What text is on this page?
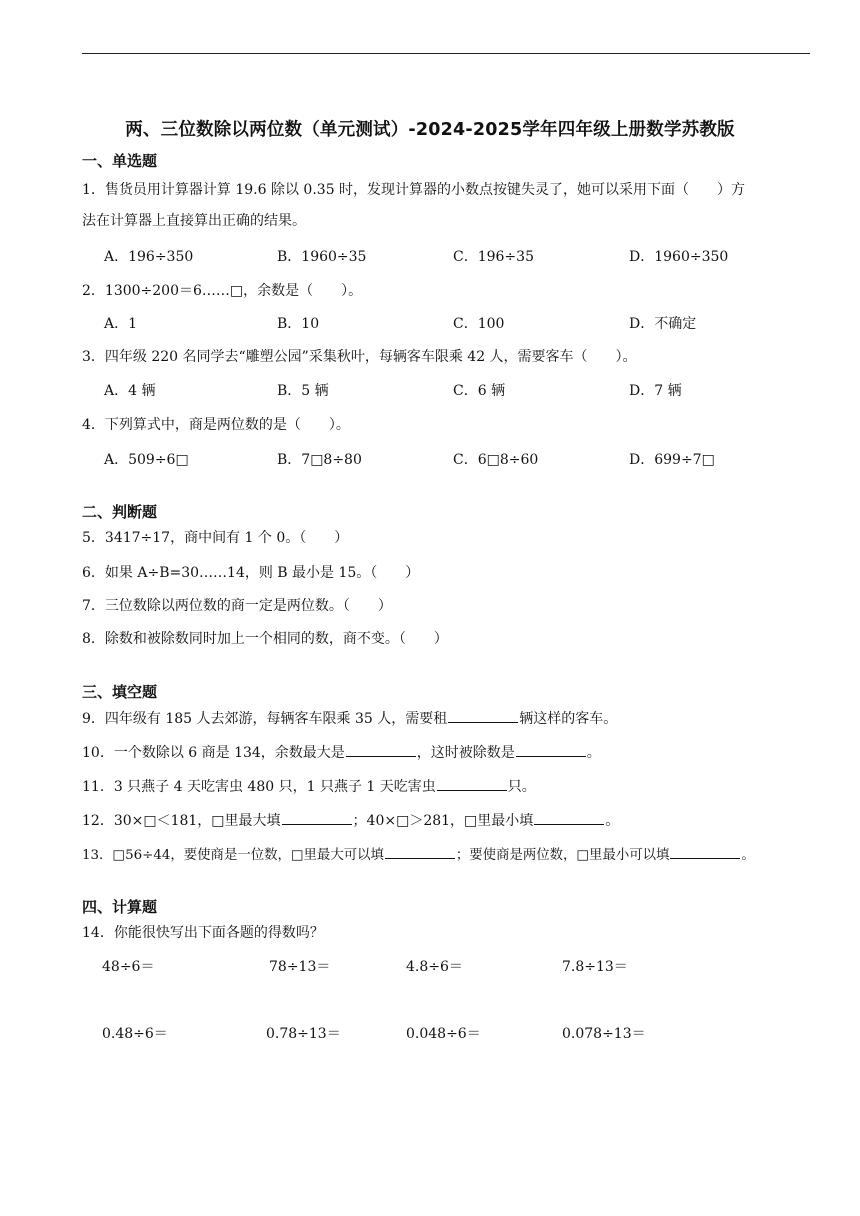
两、三位数除以两位数（单元测试）-2024-2025学年四年级上册数学苏教版
一、单选题
1．售货员用计算器计算 19.6 除以 0.35 时，发现计算器的小数点按键失灵了，她可以采用下面（　　）方
法在计算器上直接算出正确的结果。
A．196÷350	B．1960÷35	C．196÷35	D．1960÷350
2．1300÷200＝6……□，余数是（　　）。
A．1	B．10	C．100	D．不确定
3．四年级 220 名同学去“雕塑公园”采集秋叶，每辆客车限乘 42 人，需要客车（　　）。
A．4 辆	B．5 辆	C．6 辆	D．7 辆
4．下列算式中，商是两位数的是（　　）。
A．509÷6□	B．7□8÷80	C．6□8÷60	D．699÷7□
二、判断题
5．3417÷17，商中间有 1 个 0。（　　）
6．如果 A÷B=30……14，则 B 最小是 15。（　　）
7．三位数除以两位数的商一定是两位数。（　　）
8．除数和被除数同时加上一个相同的数，商不变。（　　）
三、填空题
9．四年级有 185 人去郊游，每辆客车限乘 35 人，需要租	辆这样的客车。
10．一个数除以 6 商是 134，余数最大是	，这时被除数是	。
11．3 只燕子 4 天吃害虫 480 只，1 只燕子 1 天吃害虫	只。
12．30×□＜181，□里最大填	；40×□＞281，□里最小填	。
13．□56÷44，要使商是一位数，□里最大可以填	；要使商是两位数，□里最小可以填	。
四、计算题
14．你能很快写出下面各题的得数吗？
48÷6＝	78÷13＝	4.8÷6＝	7.8÷13＝
0.48÷6＝	0.78÷13＝	0.048÷6＝	0.078÷13＝
